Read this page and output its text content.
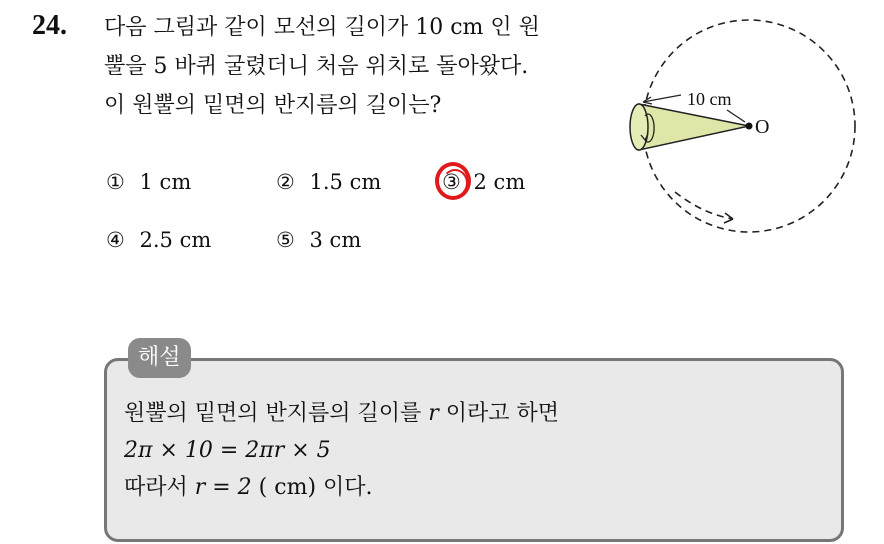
24. 다음 그림과 같이 모선의 길이가 10 cm 인 원
뿔을 5 바퀴 굴렸더니 처음 위치로 돌아왔다.
이 원뿔의 밑면의 반지름의 길이는?
① 1 cm	② 1.5 cm	③ 2 cm
④ 2.5 cm	⑤ 3 cm
10 cm
O
해설
원뿔의 밑면의 반지름의 길이를 r 이라고 하면
2π × 10 = 2πr × 5
따라서 r = 2 ( cm) 이다.
